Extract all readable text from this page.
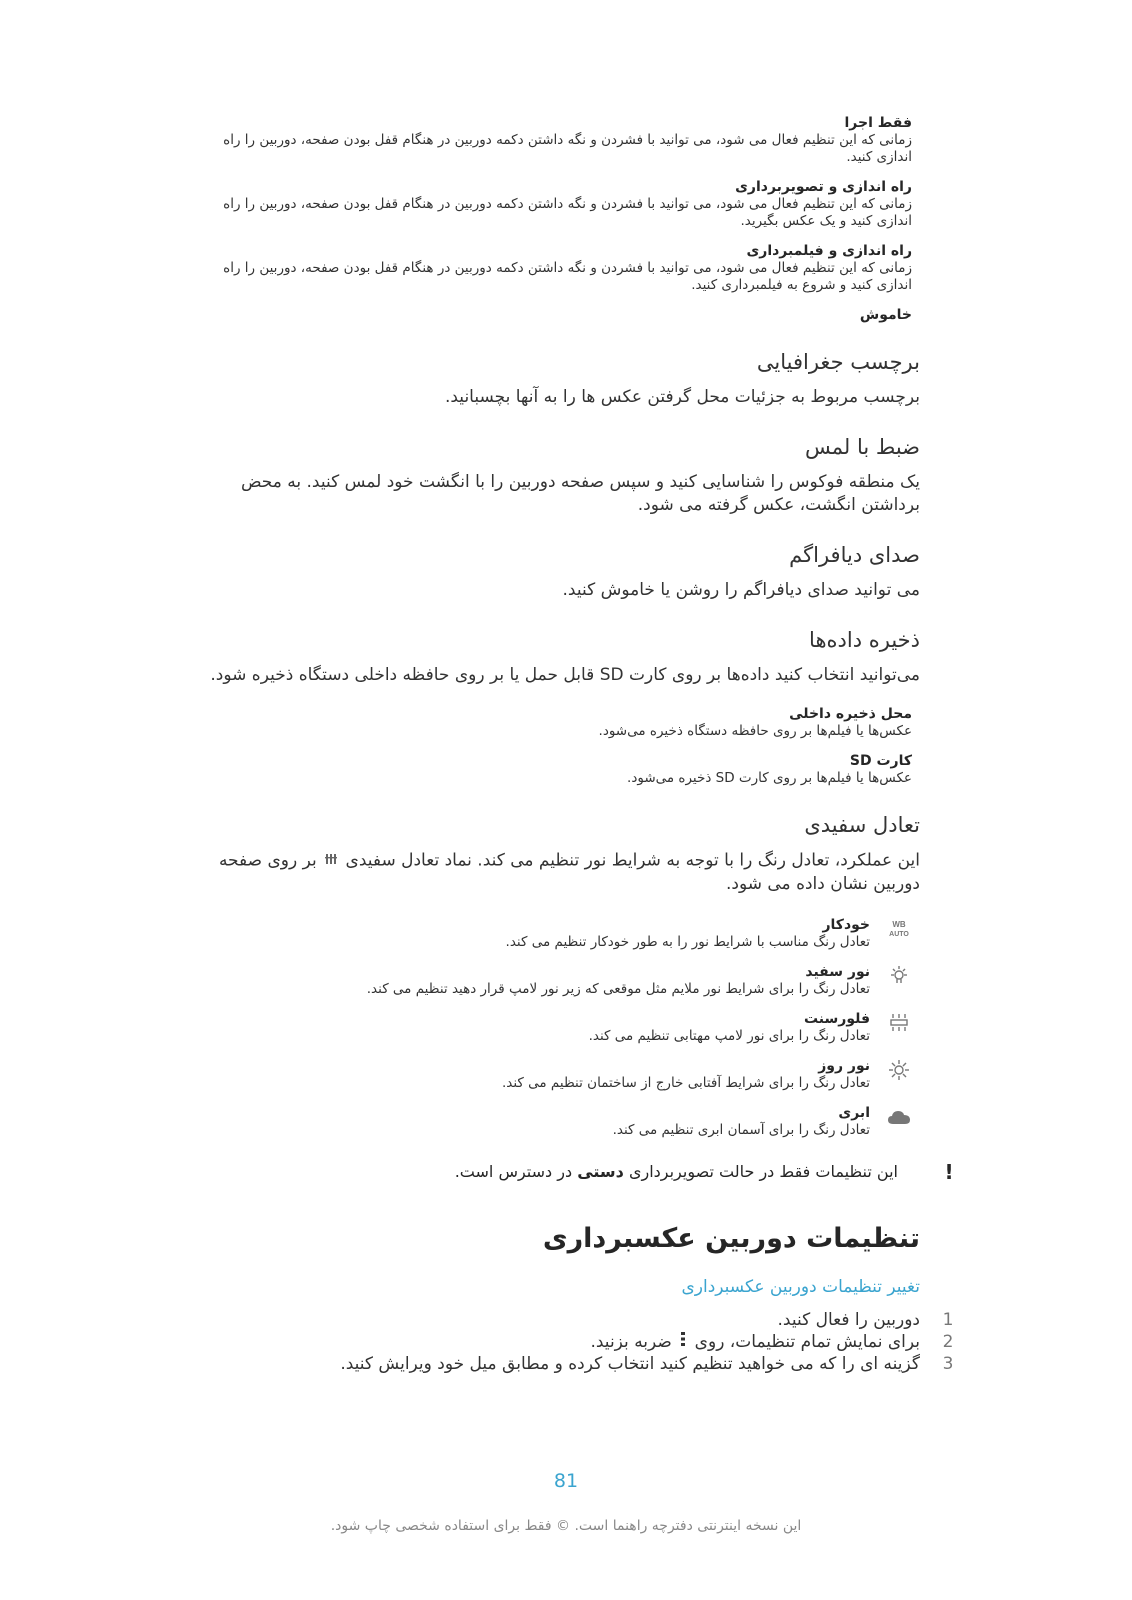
فقط اجرا
زمانی که این تنظیم فعال می شود، می توانید با فشردن و نگه داشتن دکمه دوربین در هنگام قفل بودن صفحه، دوربین را راه اندازی کنید.
راه اندازی و تصویربرداری
زمانی که این تنظیم فعال می شود، می توانید با فشردن و نگه داشتن دکمه دوربین در هنگام قفل بودن صفحه، دوربین را راه اندازی کنید و یک عکس بگیرید.
راه اندازی و فیلمبرداری
زمانی که این تنظیم فعال می شود، می توانید با فشردن و نگه داشتن دکمه دوربین در هنگام قفل بودن صفحه، دوربین را راه اندازی کنید و شروع به فیلمبرداری کنید.
خاموش
برچسب جغرافیایی
برچسب مربوط به جزئیات محل گرفتن عکس ها را به آنها بچسبانید.
ضبط با لمس
یک منطقه فوکوس را شناسایی کنید و سپس صفحه دوربین را با انگشت خود لمس کنید. به محض برداشتن انگشت، عکس گرفته می شود.
صدای دیافراگم
می توانید صدای دیافراگم را روشن یا خاموش کنید.
ذخیره داده‌ها
می‌توانید انتخاب کنید داده‌ها بر روی کارت SD قابل حمل یا بر روی حافظه داخلی دستگاه ذخیره شود.
محل ذخیره داخلی
عکس‌ها یا فیلم‌ها بر روی حافظه دستگاه ذخیره می‌شود.
کارت SD
عکس‌ها یا فیلم‌ها بر روی کارت SD ذخیره می‌شود.
تعادل سفیدی
این عملکرد، تعادل رنگ را با توجه به شرایط نور تنظیم می کند. نماد تعادل سفیدی  بر روی صفحه دوربین نشان داده می شود.
WB
AUTO
خودکار
تعادل رنگ مناسب با شرایط نور را به طور خودکار تنظیم می کند.
نور سفید
تعادل رنگ را برای شرایط نور ملایم مثل موقعی که زیر نور لامپ قرار دهید تنظیم می کند.
فلورسنت
تعادل رنگ را برای نور لامپ مهتابی تنظیم می کند.
نور روز
تعادل رنگ را برای شرایط آفتابی خارج از ساختمان تنظیم می کند.
ابری
تعادل رنگ را برای آسمان ابری تنظیم می کند.
!
این تنظیمات فقط در حالت تصویربرداری دستی در دسترس است.
تنظیمات دوربین عکسبرداری
تغییر تنظیمات دوربین عکسبرداری
1
دوربین را فعال کنید.
2
برای نمایش تمام تنظیمات، روی  ضربه بزنید.
3
گزینه ای را که می خواهید تنظیم کنید انتخاب کرده و مطابق میل خود ویرایش کنید.
81
این نسخه اینترنتی دفترچه راهنما است. © فقط برای استفاده شخصی چاپ شود.
